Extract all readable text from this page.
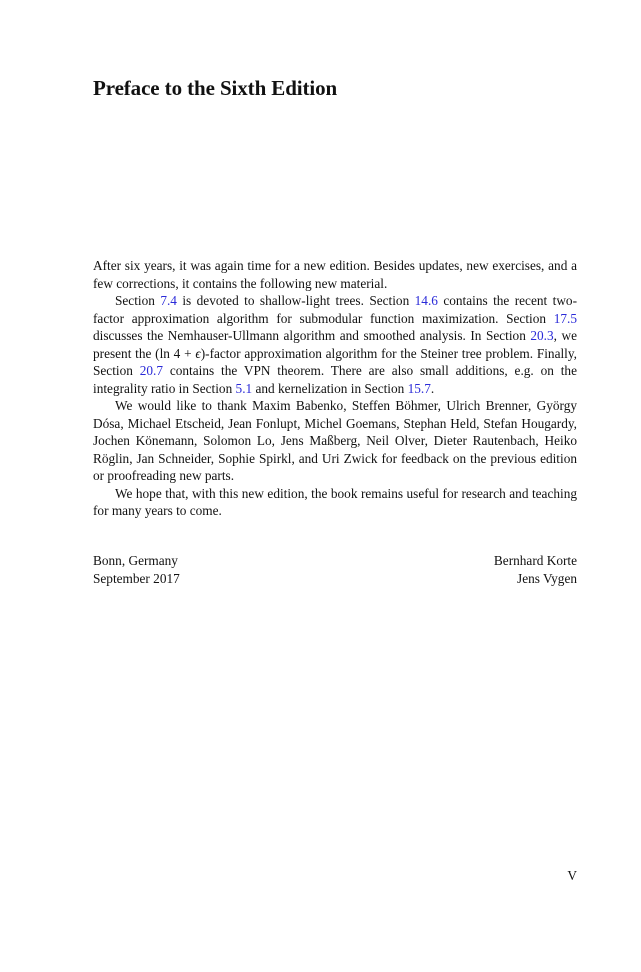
Preface to the Sixth Edition

After six years, it was again time for a new edition. Besides updates, new exercises, and a few corrections, it contains the following new material.

Section 7.4 is devoted to shallow-light trees. Section 14.6 contains the recent two-factor approximation algorithm for submodular function maximization. Section 17.5 discusses the Nemhauser-Ullmann algorithm and smoothed analysis. In Section 20.3, we present the (ln 4 + ϵ)-factor approximation algorithm for the Steiner tree problem. Finally, Section 20.7 contains the VPN theorem. There are also small additions, e.g. on the integrality ratio in Section 5.1 and kernelization in Section 15.7.

We would like to thank Maxim Babenko, Steffen Böhmer, Ulrich Brenner, György Dósa, Michael Etscheid, Jean Fonlupt, Michel Goemans, Stephan Held, Stefan Hougardy, Jochen Könemann, Solomon Lo, Jens Maßberg, Neil Olver, Dieter Rautenbach, Heiko Röglin, Jan Schneider, Sophie Spirkl, and Uri Zwick for feedback on the previous edition or proofreading new parts.

We hope that, with this new edition, the book remains useful for research and teaching for many years to come.

Bonn, Germany
September 2017
Bernhard Korte
Jens Vygen
V
